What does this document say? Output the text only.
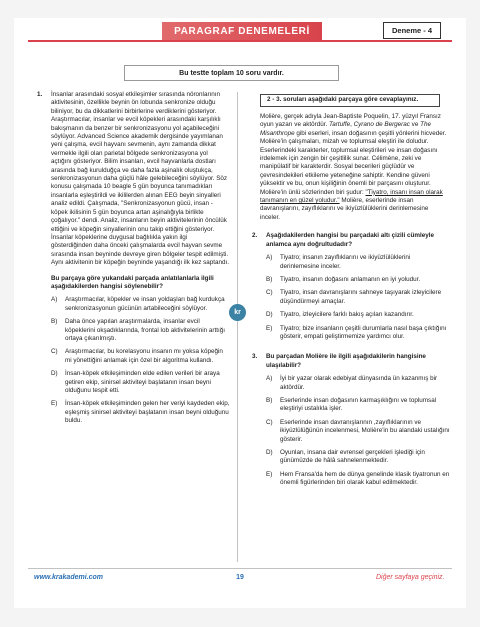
PARAGRAF DENEMELERİ	Deneme - 4
Bu testte toplam 10 soru vardır.
kr
1.	İnsanlar arasındaki sosyal etkileşimler sırasında nöronlarının aktivitesinin, özellikle beynin ön lobunda senkronize olduğu biliniyor, bu da dikkatlerini birbirlerine verdiklerini gösteriyor. Araştırmacılar, insanlar ve evcil köpekleri arasındaki karşılıklı bakışmanın da benzer bir senkronizasyonu yol açabileceğini söylüyor. Advanced Science akademik dergisinde yayımlanan yeni çalışma, evcil hayvanı sevmenin, aynı zamanda dikkat vermekle ilgili olan parietal bölgede senkronizasyona yol açtığını gösteriyor. Bilim insanları, evcil hayvanlarla dostları arasında bağ kurulduğça ve daha fazla aşinalık oluştukça, senkronizasyonun daha güçlü hâle gelebileceğini söylüyor. Söz konusu çalışmada 10 beagle 5 gün boyunca tanımadıkları insanlarla eşleştirildi ve ikililerden alınan EEG beyin sinyalleri analiz edildi. Çalışmada, "Senkronizasyonun gücü, insan - köpek ikilisinin 5 gün boyunca artan aşinalığıyla birlikte çoğalıyor." dendi. Analiz, insanların beyin aktivitelerinin öncülük ettiğini ve köpeğin sinyallerinin onu takip ettiğini gösteriyor. İnsanlar köpeklerine duygusal bağlılıkla yakın ilgi gösterdiğinden daha önceki çalışmalarda evcil hayvan sevme sırasında insan beyninde devreye giren bölgeler tespit edilmişti. Aynı aktivitenin bir köpeğin beyninde yaşandığı ilk kez saptandı.

Bu parçaya göre yukarıdaki parçada anlatılanlarla ilgili aşağıdakilerden hangisi söylenebilir?

A)	Araştırmacılar, köpekler ve insan yoldaşları bağ kurdukça senkronizasyonun gücünün artabileceğini söylüyor.
B)	Daha önce yapılan araştırmalarda, insanlar evcil köpeklerini okşadıklarında, frontal lob aktivitelerinin arttığı ortaya çıkarılmıştı.
C)	Araştırmacılar, bu korelasyonu insanın mı yoksa köpeğin mi yönettiğini anlamak için özel bir algoritma kullandı.
D)	İnsan-köpek etkileşiminden elde edilen verileri bir araya getiren ekip, sinirsel aktiviteyi başlatanın insan beyni olduğunu tespit etti.
E)	İnsan-köpek etkileşiminden gelen her veriyi kaydeden ekip, eşleşmiş sinirsel aktiviteyi başlatanın insan beyni olduğunu buldu.
2 - 3. soruları aşağıdaki parçaya göre cevaplayınız.

Molière, gerçek adıyla Jean-Baptiste Poquelin, 17. yüzyıl Fransız oyun yazarı ve aktördür. Tartuffe, Cyrano de Bergerac ve The Misanthrope gibi eserleri, insan doğasının çeşitli yönlerini hicveder. Molière'in çalışmaları, mizah ve toplumsal eleştiri ile doludur. Eserlerindeki karakterler, toplumsal eleştirileri ve insan doğasını irdelemek için zengin bir çeşitlilik sunar. Célimène, zeki ve manipülatif bir karakterdir. Sosyal becerileri güçlüdür ve çevresindekileri etkileme yeteneğine sahiptir. Kendine güveni yüksektir ve bu, onun kişiliğinin önemli bir parçasını oluşturur. Molière'in ünlü sözlerinden biri şudur: "Tiyatro, insanı insan olarak tanımanın en güzel yoludur." Molière, eserlerinde insan davranışlarını, zayıflıklarını ve ikiyüzlülüklerini derinlemesine inceler.

2.	Aşağıdakilerden hangisi bu parçadaki altı çizili cümleyle anlamca aynı doğrultudadır?

A)	Tiyatro; insanın zayıflıklarını ve ikiyüzlülüklerini derinlemesine inceler.
B)	Tiyatro, insanın doğasını anlamanın en iyi yoludur.
C)	Tiyatro, insan davranışlarını sahneye taşıyarak izleyicilere düşündürmeyi amaçlar.
D)	Tiyatro, izleyicilere farklı bakış açıları kazandırır.
E)	Tiyatro; bize insanların çeşitli durumlarla nasıl başa çıktığını gösterir, empati geliştirmemize yardımcı olur.
3.	Bu parçadan Molière ile ilgili aşağıdakilerin hangisine ulaşılabilir?

A)	İyi bir yazar olarak edebiyat dünyasında ün kazanmış bir aktördür.
B)	Eserlerinde insan doğasının karmaşıklığını ve toplumsal eleştiriyi ustalıkla işler.
C)	Eserlerinde insan davranışlarının ,zayıflıklarının ve ikiyüzlülüğünün incelenmesi, Molière'in bu alandaki ustalığını gösterir.
D)	Oyunları, insana dair evrensel gerçekleri işlediği için günümüzde de hâlâ sahnelenmektedir.
E)	Hem Fransa'da hem de dünya genelinde klasik tiyatronun en önemli figürlerinden biri olarak kabul edilmektedir.
www.krakademi.com	19	Diğer sayfaya geçiniz.
